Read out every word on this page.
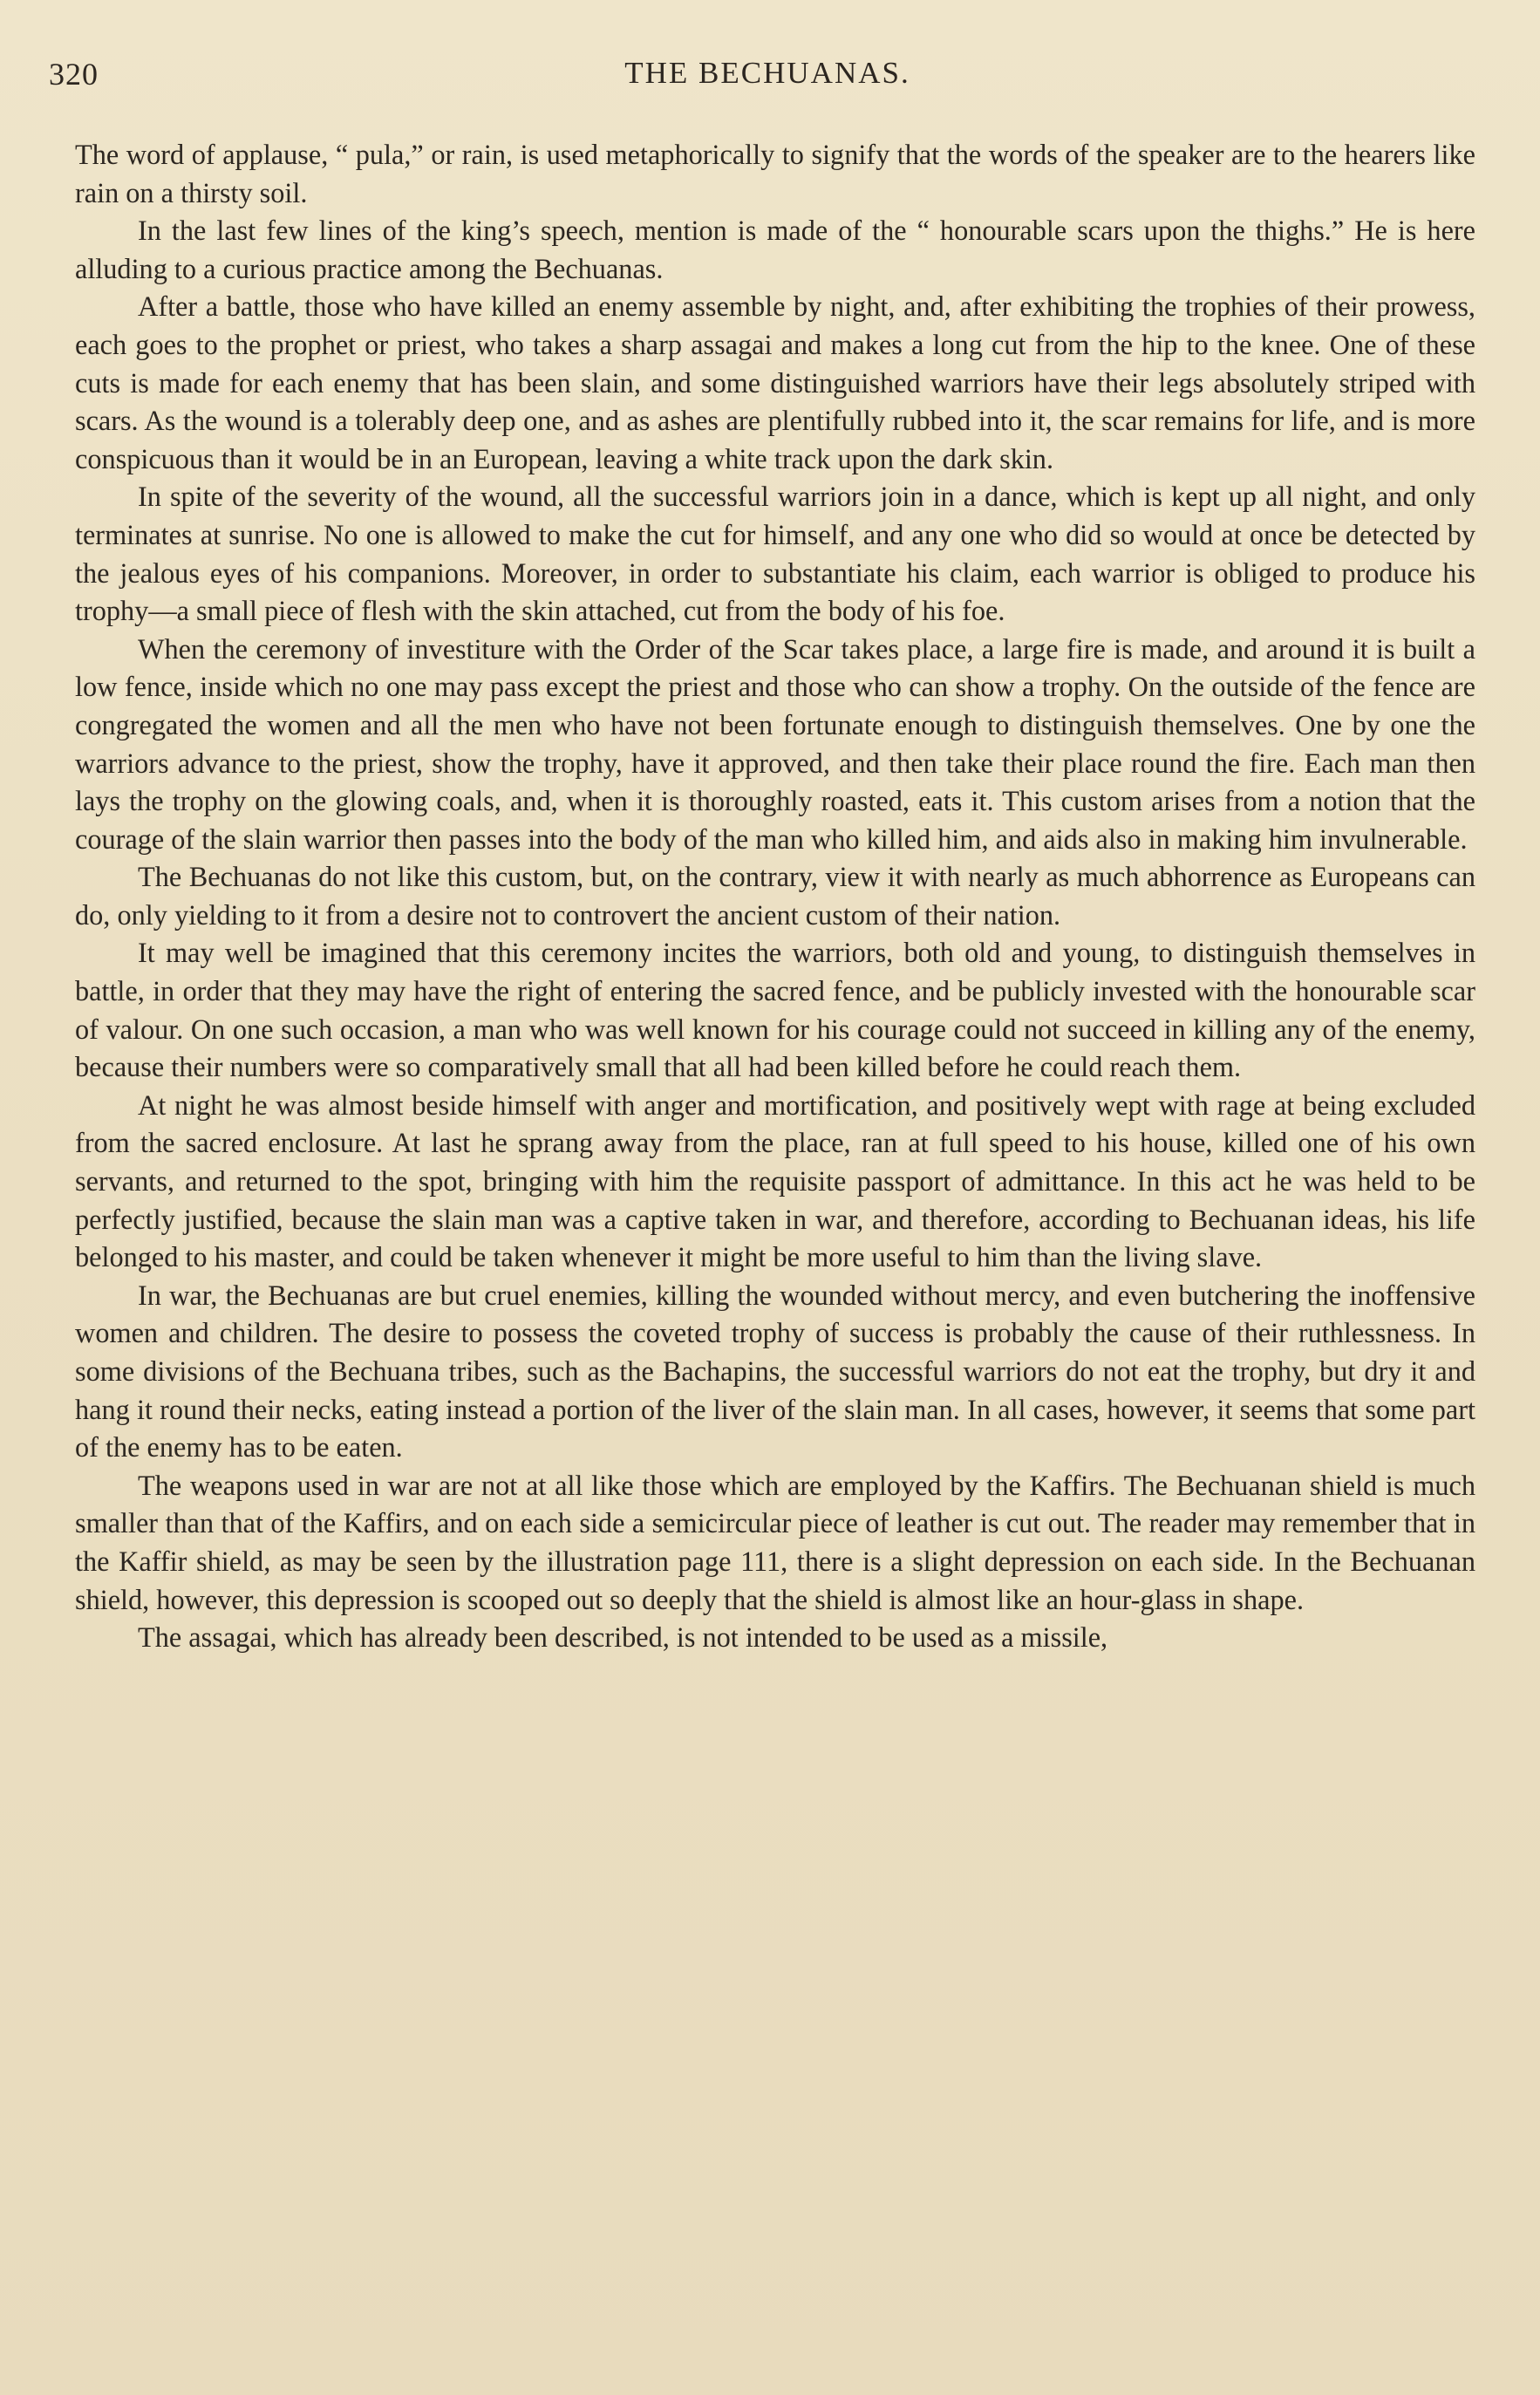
320	THE BECHUANAS.

The word of applause, “ pula,” or rain, is used metaphorically to signify that the words of the speaker are to the hearers like rain on a thirsty soil.

In the last few lines of the king’s speech, mention is made of the “ honourable scars upon the thighs.” He is here alluding to a curious practice among the Bechuanas.

After a battle, those who have killed an enemy assemble by night, and, after exhibiting the trophies of their prowess, each goes to the prophet or priest, who takes a sharp assagai and makes a long cut from the hip to the knee. One of these cuts is made for each enemy that has been slain, and some distinguished warriors have their legs absolutely striped with scars. As the wound is a tolerably deep one, and as ashes are plentifully rubbed into it, the scar remains for life, and is more conspicuous than it would be in an European, leaving a white track upon the dark skin.

In spite of the severity of the wound, all the successful warriors join in a dance, which is kept up all night, and only terminates at sunrise. No one is allowed to make the cut for himself, and any one who did so would at once be detected by the jealous eyes of his companions. Moreover, in order to substantiate his claim, each warrior is obliged to produce his trophy—a small piece of flesh with the skin attached, cut from the body of his foe.

When the ceremony of investiture with the Order of the Scar takes place, a large fire is made, and around it is built a low fence, inside which no one may pass except the priest and those who can show a trophy. On the outside of the fence are congregated the women and all the men who have not been fortunate enough to distinguish themselves. One by one the warriors advance to the priest, show the trophy, have it approved, and then take their place round the fire. Each man then lays the trophy on the glowing coals, and, when it is thoroughly roasted, eats it. This custom arises from a notion that the courage of the slain warrior then passes into the body of the man who killed him, and aids also in making him invulnerable.

The Bechuanas do not like this custom, but, on the contrary, view it with nearly as much abhorrence as Europeans can do, only yielding to it from a desire not to controvert the ancient custom of their nation.

It may well be imagined that this ceremony incites the warriors, both old and young, to distinguish themselves in battle, in order that they may have the right of entering the sacred fence, and be publicly invested with the honourable scar of valour. On one such occasion, a man who was well known for his courage could not succeed in killing any of the enemy, because their numbers were so comparatively small that all had been killed before he could reach them.

At night he was almost beside himself with anger and mortification, and positively wept with rage at being excluded from the sacred enclosure. At last he sprang away from the place, ran at full speed to his house, killed one of his own servants, and returned to the spot, bringing with him the requisite passport of admittance. In this act he was held to be perfectly justified, because the slain man was a captive taken in war, and therefore, according to Bechuanan ideas, his life belonged to his master, and could be taken whenever it might be more useful to him than the living slave.

In war, the Bechuanas are but cruel enemies, killing the wounded without mercy, and even butchering the inoffensive women and children. The desire to possess the coveted trophy of success is probably the cause of their ruthlessness. In some divisions of the Bechuana tribes, such as the Bachapins, the successful warriors do not eat the trophy, but dry it and hang it round their necks, eating instead a portion of the liver of the slain man. In all cases, however, it seems that some part of the enemy has to be eaten.

The weapons used in war are not at all like those which are employed by the Kaffirs. The Bechuanan shield is much smaller than that of the Kaffirs, and on each side a semicircular piece of leather is cut out. The reader may remember that in the Kaffir shield, as may be seen by the illustration page 111, there is a slight depression on each side. In the Bechuanan shield, however, this depression is scooped out so deeply that the shield is almost like an hour-glass in shape.

The assagai, which has already been described, is not intended to be used as a missile,
